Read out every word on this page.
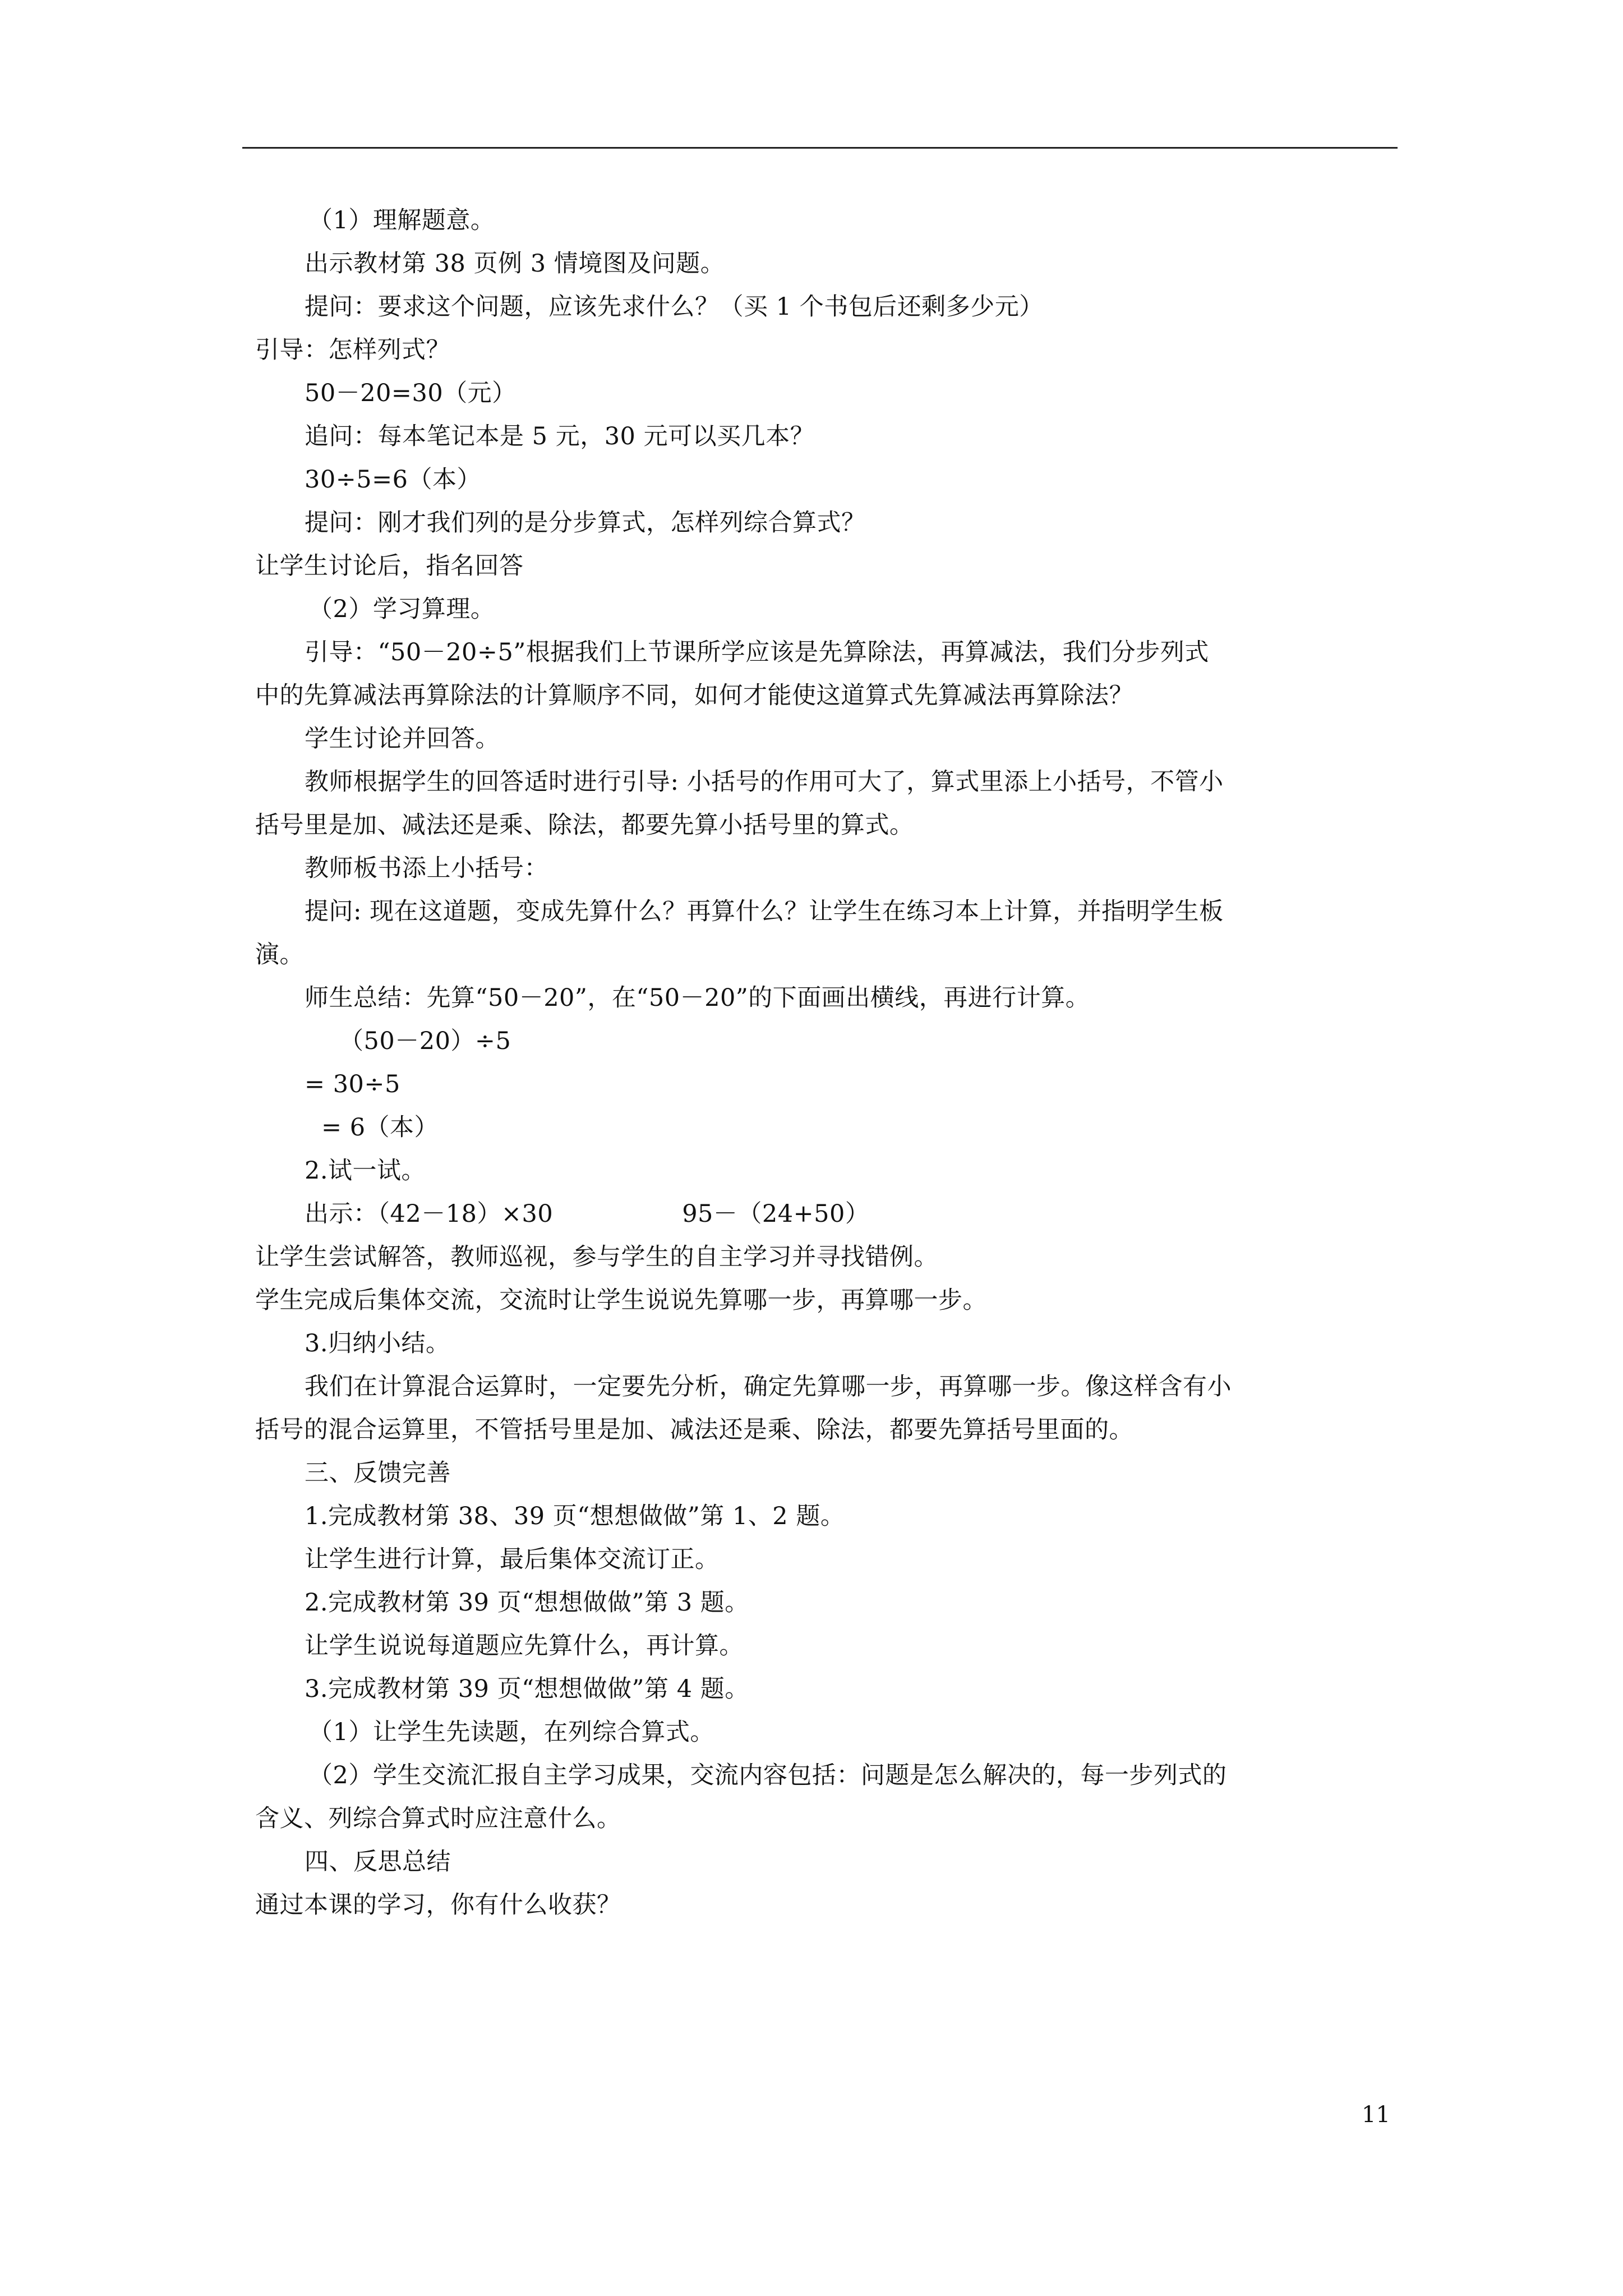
（1）理解题意。
出示教材第 38 页例 3 情境图及问题。
提问：要求这个问题，应该先求什么？（买 1 个书包后还剩多少元）
引导：怎样列式？
50－20=30（元）
追问：每本笔记本是 5 元，30 元可以买几本？
30÷5=6（本）
提问：刚才我们列的是分步算式，怎样列综合算式？
让学生讨论后，指名回答
（2）学习算理。
引导：“50－20÷5”根据我们上节课所学应该是先算除法，再算减法，我们分步列式
中的先算减法再算除法的计算顺序不同，如何才能使这道算式先算减法再算除法？
学生讨论并回答。
教师根据学生的回答适时进行引导: 小括号的作用可大了，算式里添上小括号，不管小
括号里是加、减法还是乘、除法，都要先算小括号里的算式。
教师板书添上小括号：
提问: 现在这道题，变成先算什么？再算什么？让学生在练习本上计算，并指明学生板
演。
师生总结：先算“50－20”，在“50－20”的下面画出横线，再进行计算。
（50－20）÷5
= 30÷5
= 6（本）
2.试一试。
出示：（42－18）×30	95－（24+50）
让学生尝试解答，教师巡视，参与学生的自主学习并寻找错例。
学生完成后集体交流，交流时让学生说说先算哪一步，再算哪一步。
3.归纳小结。
我们在计算混合运算时，一定要先分析，确定先算哪一步，再算哪一步。像这样含有小
括号的混合运算里，不管括号里是加、减法还是乘、除法，都要先算括号里面的。
三、反馈完善
1.完成教材第 38、39 页“想想做做”第 1、2 题。
让学生进行计算，最后集体交流订正。
2.完成教材第 39 页“想想做做”第 3 题。
让学生说说每道题应先算什么，再计算。
3.完成教材第 39 页“想想做做”第 4 题。
（1）让学生先读题，在列综合算式。
（2）学生交流汇报自主学习成果，交流内容包括：问题是怎么解决的，每一步列式的
含义、列综合算式时应注意什么。
四、反思总结
通过本课的学习，你有什么收获？
11
